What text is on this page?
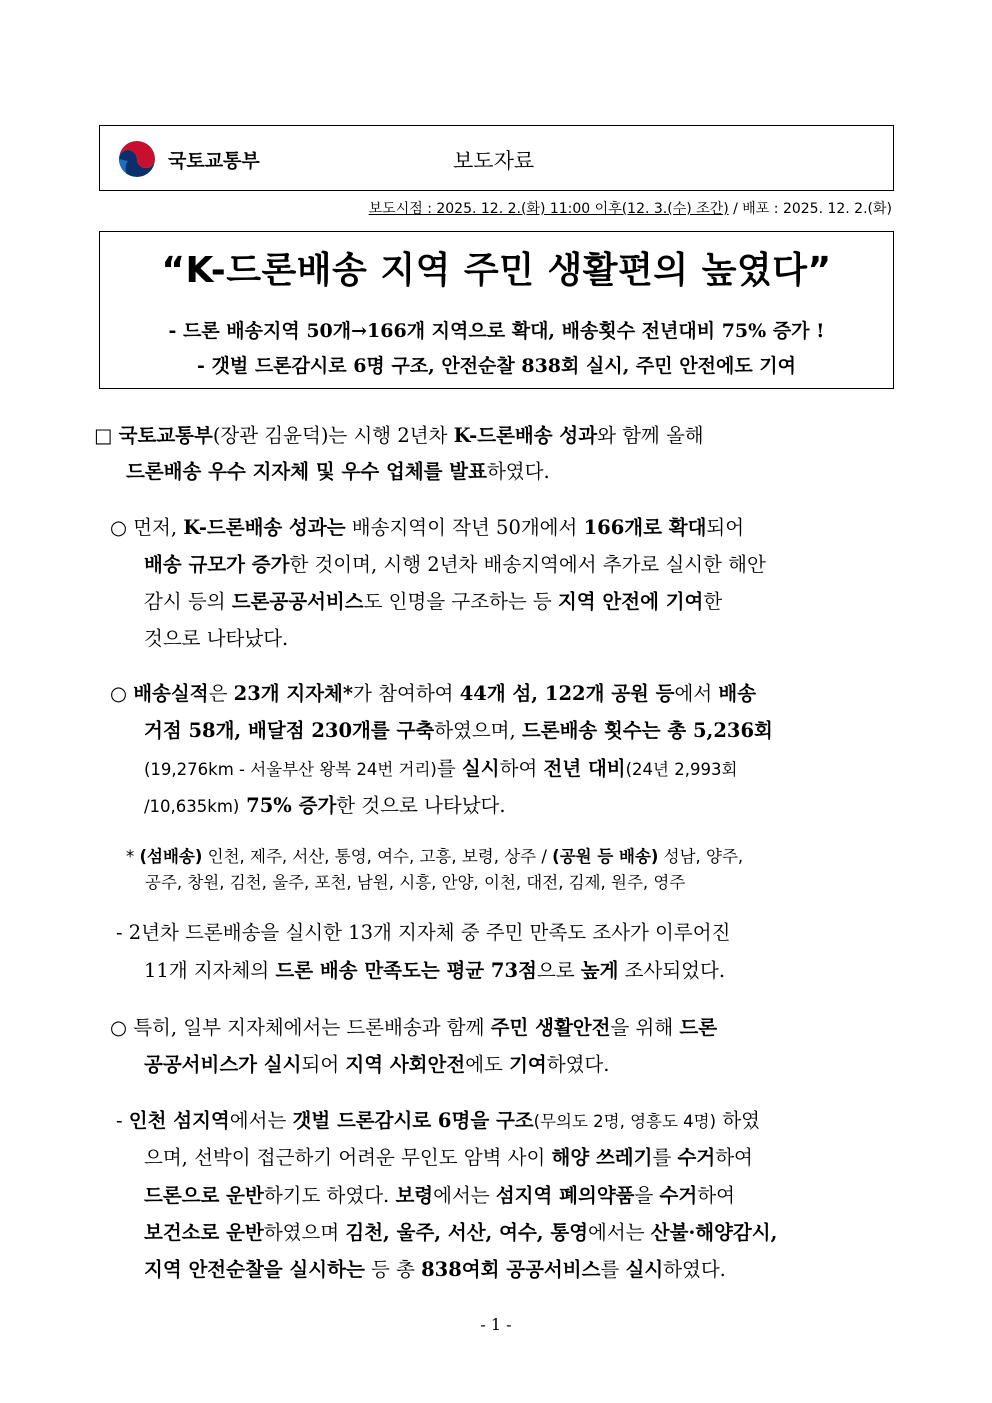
국토교통부	보도자료
보도시점 : 2025. 12. 2.(화) 11:00 이후(12. 3.(수) 조간) / 배포 : 2025. 12. 2.(화)
“K-드론배송 지역 주민 생활편의 높였다”
- 드론 배송지역 50개→166개 지역으로 확대, 배송횟수 전년대비 75% 증가 !
- 갯벌 드론감시로 6명 구조, 안전순찰 838회 실시, 주민 안전에도 기여
□ 국토교통부(장관 김윤덕)는 시행 2년차 K-드론배송 성과와 함께 올해
드론배송 우수 지자체 및 우수 업체를 발표하였다.
○ 먼저, K-드론배송 성과는 배송지역이 작년 50개에서 166개로 확대되어
배송 규모가 증가한 것이며, 시행 2년차 배송지역에서 추가로 실시한 해안
감시 등의 드론공공서비스도 인명을 구조하는 등 지역 안전에 기여한
것으로 나타났다.
○ 배송실적은 23개 지자체*가 참여하여 44개 섬, 122개 공원 등에서 배송
거점 58개, 배달점 230개를 구축하였으며, 드론배송 횟수는 총 5,236회
(19,276km - 서울부산 왕복 24번 거리)를 실시하여 전년 대비(24년 2,993회
/10,635km) 75% 증가한 것으로 나타났다.
* (섬배송) 인천, 제주, 서산, 통영, 여수, 고흥, 보령, 상주 / (공원 등 배송) 성남, 양주,
공주, 창원, 김천, 울주, 포천, 남원, 시흥, 안양, 이천, 대전, 김제, 원주, 영주
- 2년차 드론배송을 실시한 13개 지자체 중 주민 만족도 조사가 이루어진
11개 지자체의 드론 배송 만족도는 평균 73점으로 높게 조사되었다.
○ 특히, 일부 지자체에서는 드론배송과 함께 주민 생활안전을 위해 드론
공공서비스가 실시되어 지역 사회안전에도 기여하였다.
- 인천 섬지역에서는 갯벌 드론감시로 6명을 구조(무의도 2명, 영흥도 4명) 하였
으며, 선박이 접근하기 어려운 무인도 암벽 사이 해양 쓰레기를 수거하여
드론으로 운반하기도 하였다. 보령에서는 섬지역 폐의약품을 수거하여
보건소로 운반하였으며 김천, 울주, 서산, 여수, 통영에서는 산불·해양감시,
지역 안전순찰을 실시하는 등 총 838여회 공공서비스를 실시하였다.
- 1 -
